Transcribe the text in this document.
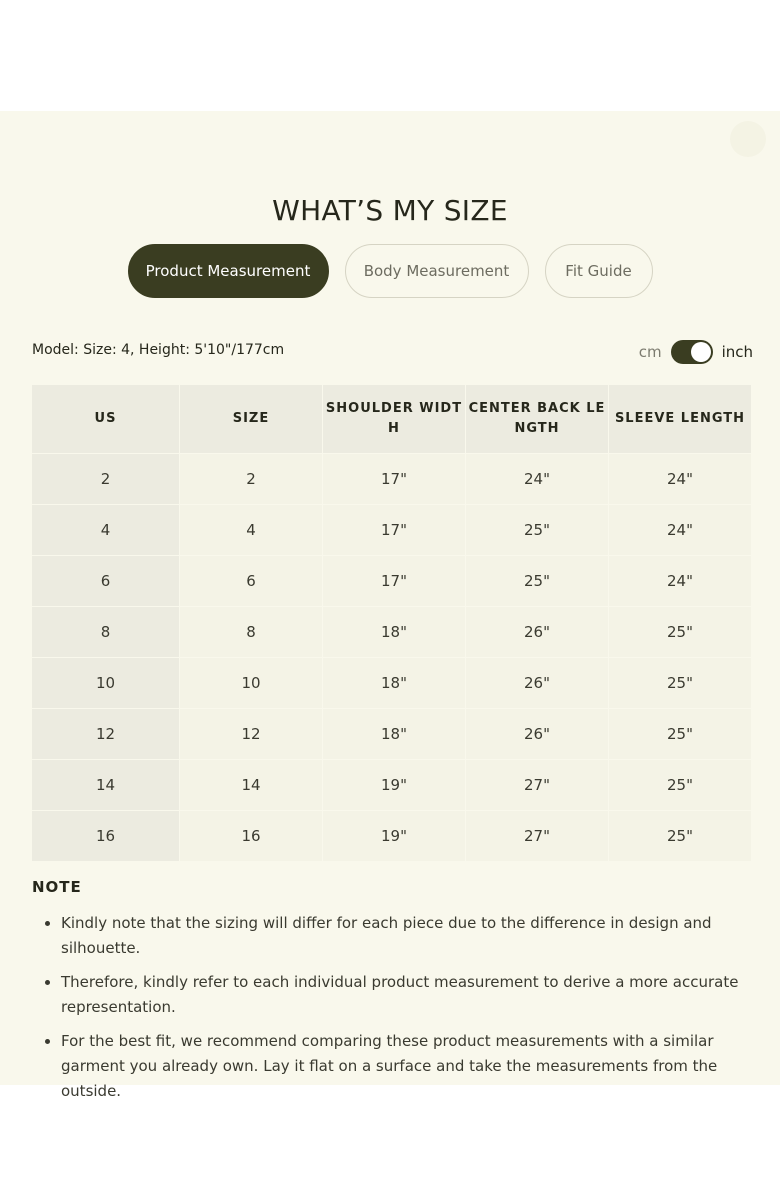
✕
WHAT’S MY SIZE
Product Measurement	Body Measurement	Fit Guide
Model: Size: 4, Height: 5'10"/177cm	cm	inch
US	SIZE	SHOULDER WIDTH	CENTER BACK LENGTH	SLEEVE LENGTH
2	2	17"	24"	24"
4	4	17"	25"	24"
6	6	17"	25"	24"
8	8	18"	26"	25"
10	10	18"	26"	25"
12	12	18"	26"	25"
14	14	19"	27"	25"
16	16	19"	27"	25"
NOTE
• Kindly note that the sizing will differ for each piece due to the difference in design and silhouette.
• Therefore, kindly refer to each individual product measurement to derive a more accurate representation.
• For the best fit, we recommend comparing these product measurements with a similar garment you already own. Lay it flat on a surface and take the measurements from the outside.
